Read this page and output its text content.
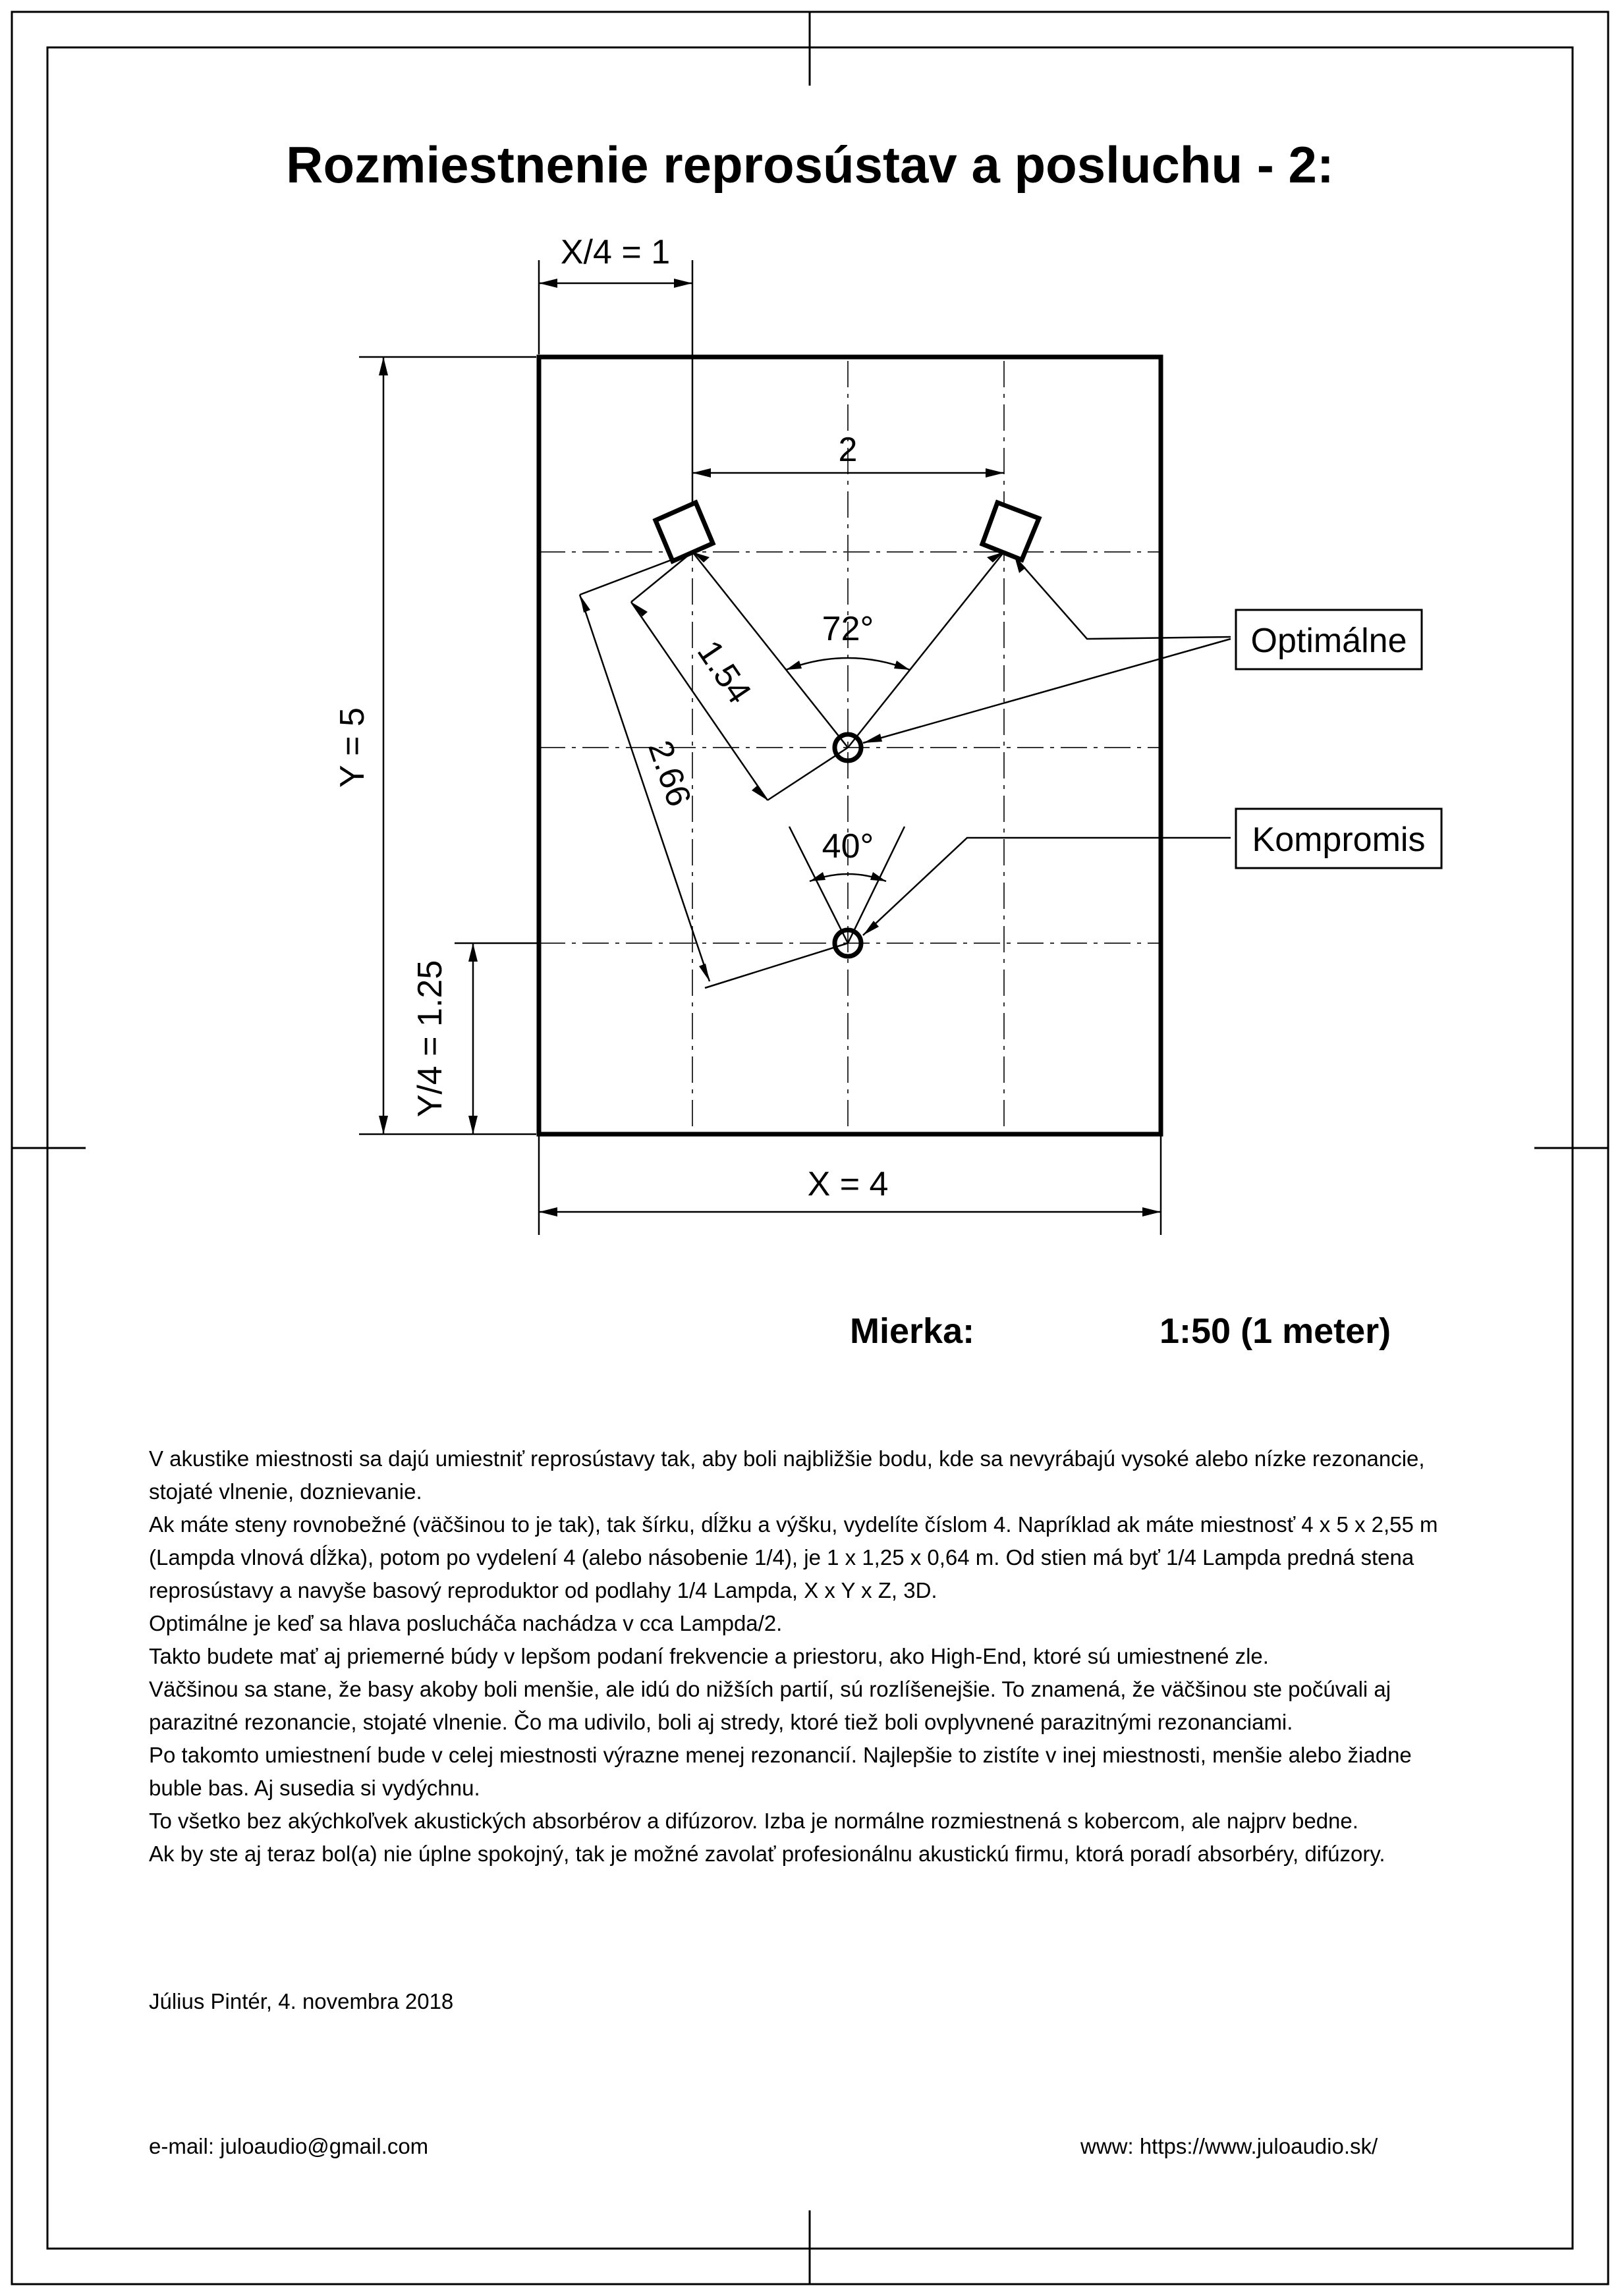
X/4 = 1
X = 4
Y = 5
Y/4 = 1.25
2
72°
40°
1.54
2.66
Optimálne
Kompromis
Rozmiestnenie reprosústav a posluchu - 2:
Mierka:	1:50 (1 meter)

V akustike miestnosti sa dajú umiestniť reprosústavy tak, aby boli najbližšie bodu, kde sa nevyrábajú vysoké alebo nízke rezonancie, stojaté vlnenie, doznievanie.

Ak máte steny rovnobežné (väčšinou to je tak), tak šírku, dĺžku a výšku, vydelíte číslom 4. Napríklad ak máte miestnosť 4 x 5 x 2,55 m (Lampda vlnová dĺžka), potom po vydelení 4 (alebo násobenie 1/4), je 1 x 1,25 x 0,64 m. Od stien má byť 1/4 Lampda predná stena reprosústavy a navyše basový reproduktor od podlahy 1/4 Lampda, X x Y x Z, 3D.

Optimálne je keď sa hlava poslucháča nachádza v cca Lampda/2.

Takto budete mať aj priemerné búdy v lepšom podaní frekvencie a priestoru, ako High-End, ktoré sú umiestnené zle.

Väčšinou sa stane, že basy akoby boli menšie, ale idú do nižších partií, sú rozlíšenejšie. To znamená, že väčšinou ste počúvali aj parazitné rezonancie, stojaté vlnenie. Čo ma udivilo, boli aj stredy, ktoré tiež boli ovplyvnené parazitnými rezonanciami.

Po takomto umiestnení bude v celej miestnosti výrazne menej rezonancií. Najlepšie to zistíte v inej miestnosti, menšie alebo žiadne buble bas. Aj susedia si vydýchnu.

To všetko bez akýchkoľvek akustických absorbérov a difúzorov. Izba je normálne rozmiestnená s kobercom, ale najprv bedne.

Ak by ste aj teraz bol(a) nie úplne spokojný, tak je možné zavolať profesionálnu akustickú firmu, ktorá poradí absorbéry, difúzory.

Július Pintér, 4. novembra 2018
e-mail: juloaudio@gmail.com	www: https://www.juloaudio.sk/
